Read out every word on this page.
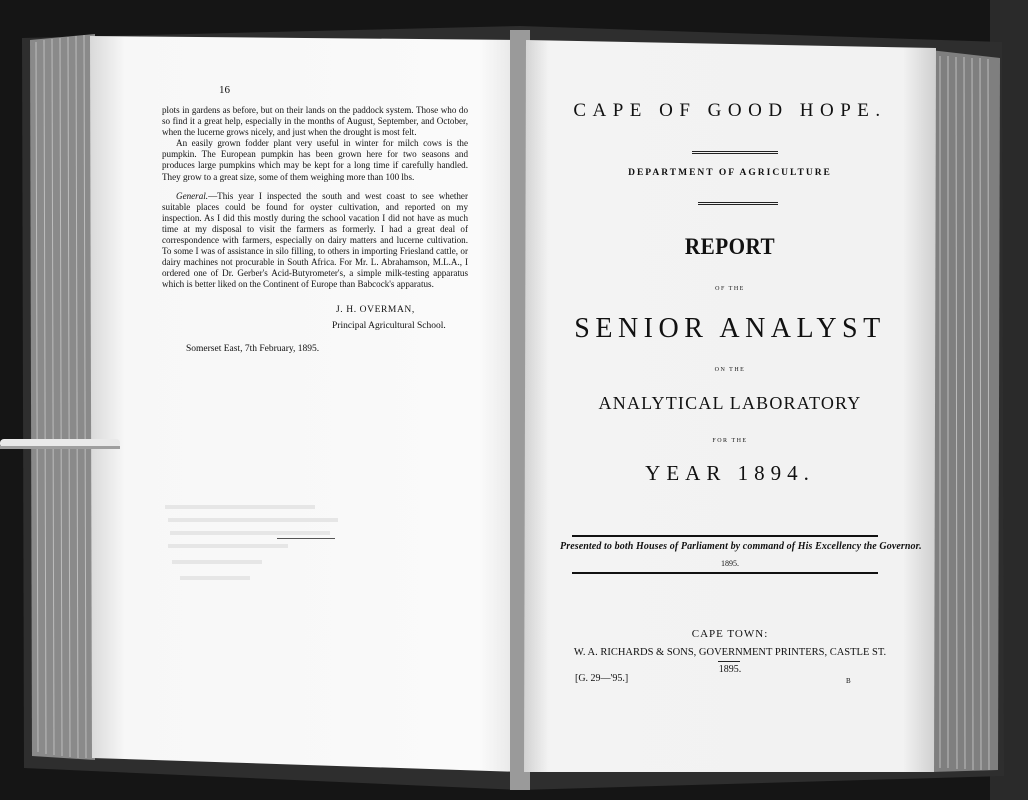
16

plots in gardens as before, but on their lands on the paddock system. Those who do so find it a great help, especially in the months of August, September, and October, when the lucerne grows nicely, and just when the drought is most felt.

An easily grown fodder plant very useful in winter for milch cows is the pumpkin. The European pumpkin has been grown here for two seasons and produces large pumpkins which may be kept for a long time if carefully handled. They grow to a great size, some of them weighing more than 100 lbs.

General.—This year I inspected the south and west coast to see whether suitable places could be found for oyster cultivation, and reported on my inspection. As I did this mostly during the school vacation I did not have as much time at my disposal to visit the farmers as formerly. I had a great deal of correspondence with farmers, especially on dairy matters and lucerne cultivation. To some I was of assistance in silo filling, to others in importing Friesland cattle, or dairy machines not procurable in South Africa. For Mr. L. Abrahamson, M.L.A., I ordered one of Dr. Gerber's Acid-Butyrometer's, a simple milk-testing apparatus which is better liked on the Continent of Europe than Babcock's apparatus.

J. H. OVERMAN,
Principal Agricultural School.
Somerset East, 7th February, 1895.
CAPE OF GOOD HOPE.
DEPARTMENT OF AGRICULTURE
REPORT
OF THE
SENIOR ANALYST
ON THE
ANALYTICAL LABORATORY
FOR THE
YEAR 1894.
Presented to both Houses of Parliament by command of His Excellency the Governor.
1895.
CAPE TOWN:
W. A. RICHARDS & SONS, GOVERNMENT PRINTERS, CASTLE ST.
1895.
[G. 29—'95.]	B
